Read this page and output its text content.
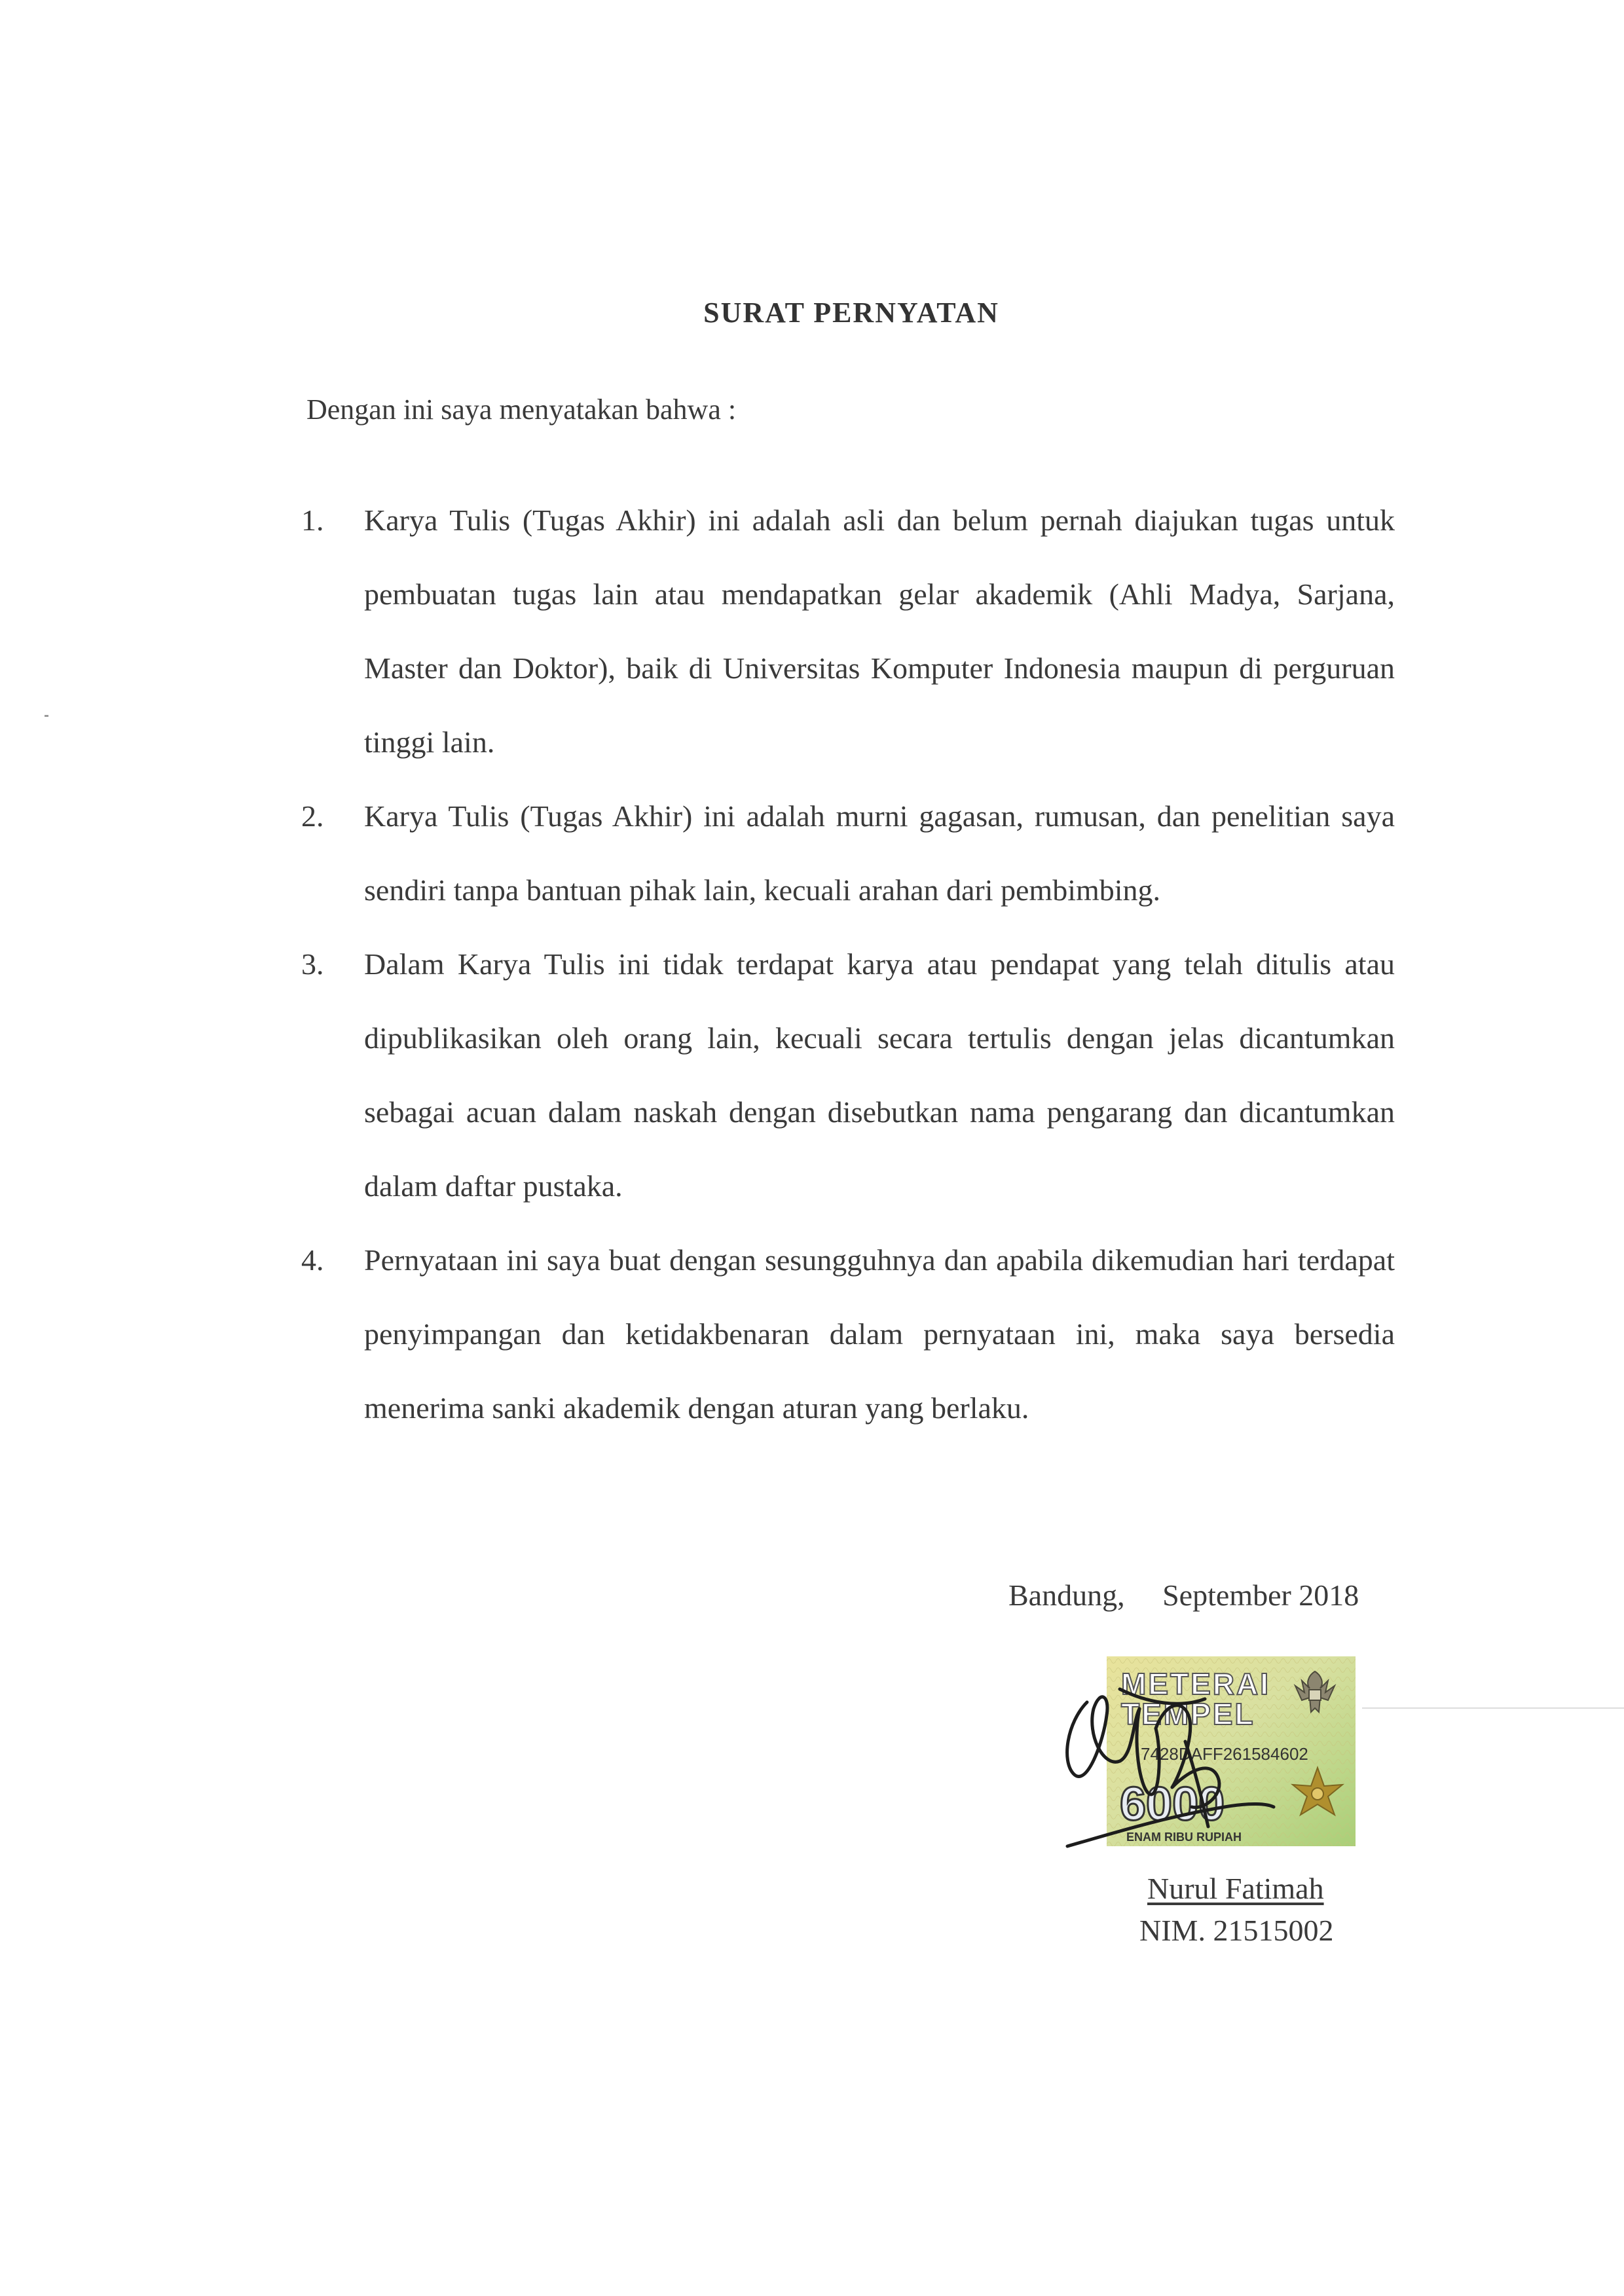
SURAT PERNYATAN
Dengan ini saya menyatakan bahwa :
1. Karya Tulis (Tugas Akhir) ini adalah asli dan belum pernah diajukan tugas untuk pembuatan tugas lain atau mendapatkan gelar akademik (Ahli Madya, Sarjana, Master dan Doktor), baik di Universitas Komputer Indonesia maupun di perguruan tinggi lain.
2. Karya Tulis (Tugas Akhir) ini adalah murni gagasan, rumusan, dan penelitian saya sendiri tanpa bantuan pihak lain, kecuali arahan dari pembimbing.
3. Dalam Karya Tulis ini tidak terdapat karya atau pendapat yang telah ditulis atau dipublikasikan oleh orang lain, kecuali secara tertulis dengan jelas dicantumkan sebagai acuan dalam naskah dengan disebutkan nama pengarang dan dicantumkan dalam daftar pustaka.
4. Pernyataan ini saya buat dengan sesungguhnya dan apabila dikemudian hari terdapat penyimpangan dan ketidakbenaran dalam pernyataan ini, maka saya bersedia menerima sanki akademik dengan aturan yang berlaku.
Bandung,     September 2018
METERAI
TEMPEL
7428DAFF261584602
6000
ENAM RIBU RUPIAH
Nurul Fatimah
NIM. 21515002
